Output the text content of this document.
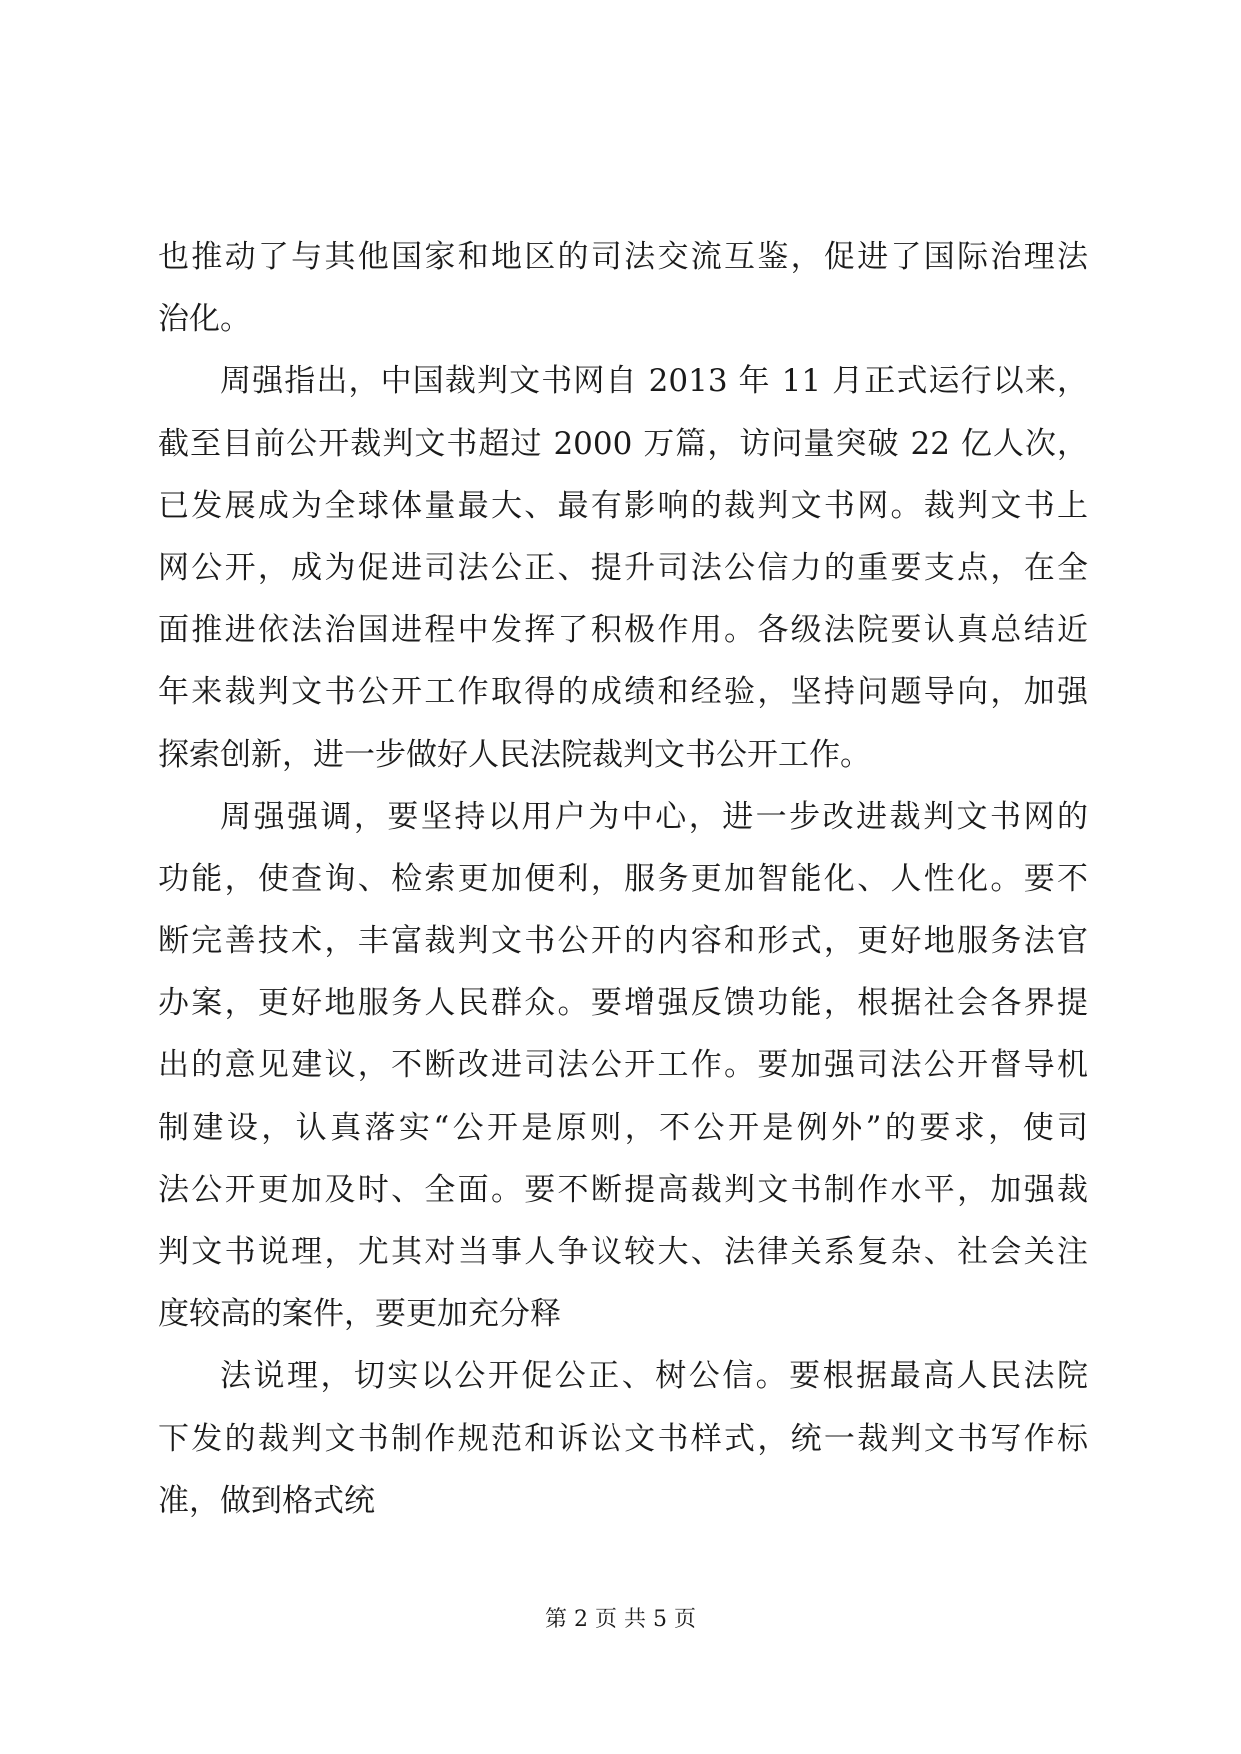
也推动了与其他国家和地区的司法交流互鉴，促进了国际治理法
治化。
周强指出，中国裁判文书网自 2013 年 11 月正式运行以来，
截至目前公开裁判文书超过 2000 万篇，访问量突破 22 亿人次，
已发展成为全球体量最大、最有影响的裁判文书网。裁判文书上
网公开，成为促进司法公正、提升司法公信力的重要支点，在全
面推进依法治国进程中发挥了积极作用。各级法院要认真总结近
年来裁判文书公开工作取得的成绩和经验，坚持问题导向，加强
探索创新，进一步做好人民法院裁判文书公开工作。
周强强调，要坚持以用户为中心，进一步改进裁判文书网的
功能，使查询、检索更加便利，服务更加智能化、人性化。要不
断完善技术，丰富裁判文书公开的内容和形式，更好地服务法官
办案，更好地服务人民群众。要增强反馈功能，根据社会各界提
出的意见建议，不断改进司法公开工作。要加强司法公开督导机
制建设，认真落实“公开是原则，不公开是例外”的要求，使司
法公开更加及时、全面。要不断提高裁判文书制作水平，加强裁
判文书说理，尤其对当事人争议较大、法律关系复杂、社会关注
度较高的案件，要更加充分释
法说理，切实以公开促公正、树公信。要根据最高人民法院
下发的裁判文书制作规范和诉讼文书样式，统一裁判文书写作标
准，做到格式统
第 2 页 共 5 页
